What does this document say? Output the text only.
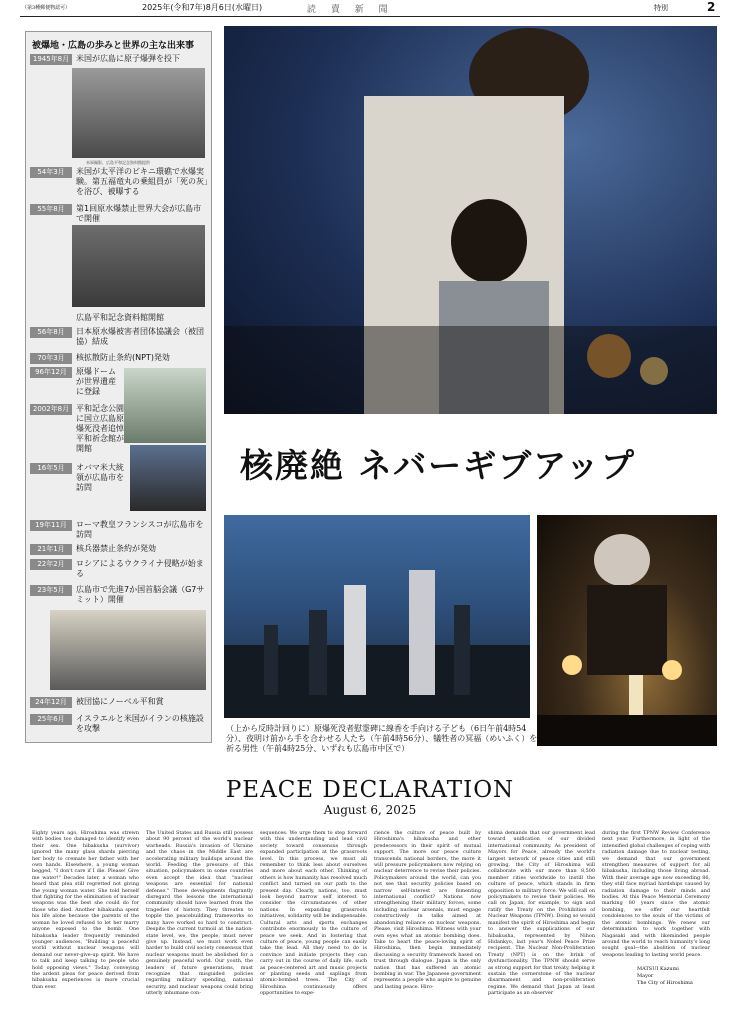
（第3種郵便物認可）	2025年(令和7年)8月6日(水曜日)	読 賣 新 聞	特別	2
被爆地・広島の歩みと世界の主な出来事
1945年8月 米国が広島に原子爆弾を投下
米軍撮影、広島平和記念資料館提供
54年3月	米国が太平洋のビキニ環礁で水爆実験。第五福竜丸の乗組員が「死の灰」を浴び、被曝する
55年8月	第1回原水爆禁止世界大会が広島市で開催
広島平和記念資料館開館
56年8月	日本原水爆被害者団体協議会（被団協）結成
70年3月	核拡散防止条約(NPT)発効
96年12月	原爆ドームが世界遺産に登録
2002年8月 平和記念公園に国立広島原爆死没者追悼平和祈念館が開館
16年5月	オバマ米大統領が広島市を訪問
19年11月	ローマ教皇フランシスコが広島市を訪問
21年1月	核兵器禁止条約が発効
22年2月	ロシアによるウクライナ侵略が始まる
23年5月	広島市で先進7か国首脳会議（G7サミット）開催
24年12月	被団協にノーベル平和賞
25年6月	イスラエルと米国がイランの核施設を攻撃
核廃絶 ネバーギブアップ
（上から反時計回りに）原爆死没者慰霊碑に線香を手向ける子ども（6日午前4時54分）、夜明け前から手を合わせる人たち（午前4時56分）、犠牲者の冥福（めいふく）を祈る男性（午前4時25分、いずれも広島市中区で）
PEACE DECLARATION
August 6, 2025
Eighty years ago, Hiroshima was strewn with bodies too damaged to identify even their sex. One hibakusha (survivor) ignored the many glass shards piercing her body to cremate her father with her own hands. Elsewhere, a young woman begged, "I don't care if I die. Please! Give me water!" Decades later, a woman who heard that plea still regretted not giving the young woman water. She told herself that fighting for the elimination of nuclear weapons was the best she could do for those who died. Another hibakusha spent his life alone because the parents of the woman he loved refused to let her marry anyone exposed to the bomb. One hibakusha leader frequently reminded younger audiences, "Building a peaceful world without nuclear weapons will demand our never-give-up spirit. We have to talk and keep talking to people who hold opposing views." Today, conveying the ardent pleas for peace derived from hibakusha experiences is more crucial than ever.
The United States and Russia still possess about 90 percent of the world's nuclear warheads. Russia's invasion of Ukraine and the chaos in the Middle East are accelerating military buildups around the world. Feeding the pressure of this situation, policymakers in some countries even accept the idea that "nuclear weapons are essential for national defense." These developments flagrantly disregard the lessons the international community should have learned from the tragedies of history. They threaten to topple the peacebuilding frameworks so many have worked so hard to construct. Despite the current turmoil at the nation-state level, we, the people, must never give up. Instead, we must work even harder to build civil society consensus that nuclear weapons must be abolished for a genuinely peaceful world. Our youth, the leaders of future generations, must recognize that misguided policies regarding military spending, national security, and nuclear weapons could bring utterly inhumane con-
sequences. We urge them to step forward with this understanding and lead civil society toward consensus through expanded participation at the grassroots level. In this process, we must all remember to think less about ourselves and more about each other. Thinking of others is how humanity has resolved much conflict and turned on our path to the present day. Clearly, nations, too, must look beyond narrow self interest to consider the circumstances of other nations. In expanding grassroots initiatives, solidarity will be indispensable. Cultural arts and sports exchanges contribute enormously to the culture of peace we seek. And in fostering that culture of peace, young people can easily take the lead. All they need to do is convince and initiate projects they can carry out in the course of daily life, such as peace-centered art and music projects or planting seeds and saplings from atomic-bombed trees. The City of Hiroshima continuously offers opportunities to expe-
rience the culture of peace built by Hiroshima's hibakusha and other predecessors in their spirit of mutual support. The more our peace culture transcends national borders, the more it will pressure policymakers now relying on nuclear deterrence to revise their policies. Policymakers around the world, can you not see that security policies based on narrow self-interest are fomenting international conflict? Nations now strengthening their military forces, some including nuclear arsenals, must engage constructively in talks aimed at abandoning reliance on nuclear weapons. Please, visit Hiroshima. Witness with your own eyes what an atomic bombing does. Take to heart the peace-loving spirit of Hiroshima, then begin immediately discussing a security framework based on trust through dialogue. Japan is the only nation that has suffered an atomic bombing in war. The Japanese government represents a people who aspire to genuine and lasting peace. Hiro-
shima demands that our government lead toward unification of our divided international community. As president of Mayors for Peace, already the world's largest network of peace cities and still growing, the City of Hiroshima will collaborate with our more than 8,500 member cities worldwide to instill the culture of peace, which stands in firm opposition to military force. We will call on policymakers to revise their policies. We call on Japan, for example, to sign and ratify the Treaty on the Prohibition of Nuclear Weapons (TPNW). Doing so would manifest the spirit of Hiroshima and begin to answer the supplications of our hibakusha, represented by Nihon Hidankyo, last year's Nobel Peace Prize recipient. The Nuclear Non-Proliferation Treaty (NPT) is on the brink of dysfunctionality. The TPNW should serve as strong support for that treaty, helping it sustain the cornerstone of the nuclear disarmament and non-proliferation regime. We demand that Japan at least participate as an observer
during the first TPNW Review Conference next year. Furthermore, in light of the intensified global challenges of coping with radiation damage due to nuclear testing, we demand that our government strengthen measures of support for all hibakusha, including those living abroad. With their average age now exceeding 86, they still face myriad hardships caused by radiation damage to their minds and bodies. At this Peace Memorial Ceremony marking 80 years since the atomic bombing, we offer our heartfelt condolences to the souls of the victims of the atomic bombings. We renew our determination to work together with Nagasaki and with likeminded people around the world to reach humanity's long sought goal—the abolition of nuclear weapons leading to lasting world peace.
MATSUI Kazumi
Mayor
The City of Hiroshima
